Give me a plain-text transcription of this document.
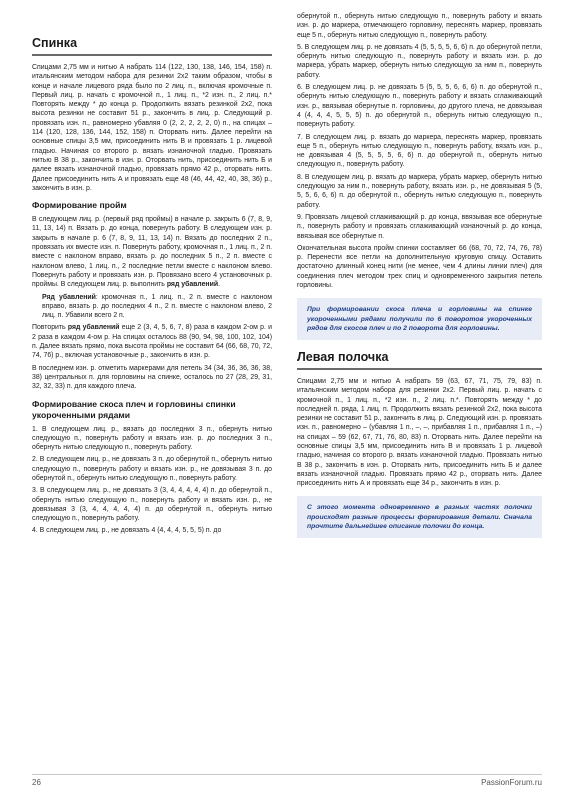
Спинка

Спицами 2,75 мм и нитью А набрать 114 (122, 130, 138, 146, 154, 158) п. итальянским методом набора для резинки 2х2 таким образом, чтобы в конце и начале лицевого ряда было по 2 лиц. п., включая кромочные п. Первый лиц. р. начать с кромочной п., 1 лиц. п., *2 изн. п., 2 лиц. п.* Повторять между * до конца р. Продолжить вязать резинкой 2х2, пока высота резинки не составит 51 р., закончить в лиц. р. Следующий р. провязать изн. п., равномерно убавляя 0 (2, 2, 2, 2, 2, 0) п., на спицах – 114 (120, 128, 136, 144, 152, 158) п. Оторвать нить. Далее перейти на основные спицы 3,5 мм, присоединить нить В и провязать 1 р. лицевой гладью. Начиная со второго р. вязать изнаночной гладью. Провязать нитью В 38 р., закончить в изн. р. Оторвать нить, присоединить нить Б и далее вязать изнаночной гладью, провязать прямо 42 р., оторвать нить. Далее присоединить нить А и провязать еще 48 (46, 44, 42, 40, 38, 36) р., закончить в изн. р.

Формирование пройм

В следующем лиц. р. (первый ряд проймы) в начале р. закрыть 6 (7, 8, 9, 11, 13, 14) п. Вязать р. до конца, повернуть работу. В следующем изн. р. закрыть в начале р. 6 (7, 8, 9, 11, 13, 14) п. Вязать до последних 2 п., провязать их вместе изн. п. Повернуть работу, кромочная п., 1 лиц. п., 2 п. вместе с наклоном вправо, вязать р. до последних 5 п., 2 п. вместе с наклоном влево, 1 лиц. п., 2 последние петли вместе с наклоном влево. Повернуть работу и провязать изн. р. Провязано всего 4 установочных р. проймы. В следующем лиц. р. выполнить ряд убавлений.

Ряд убавлений: кромочная п., 1 лиц. п., 2 п. вместе с наклоном вправо, вязать р. до последних 4 п., 2 п. вместе с наклоном влево, 2 лиц. п. Убавили всего 2 п.

Повторить ряд убавлений еще 2 (3, 4, 5, 6, 7, 8) раза в каждом 2-ом р. и 2 раза в каждом 4-ом р. На спицах осталось 88 (90, 94, 98, 100, 102, 104) п. Далее вязать прямо, пока высота проймы не составит 64 (66, 68, 70, 72, 74, 76) р., включая установочные р., закончить в изн. р.

В последнем изн. р. отметить маркерами для петель 34 (34, 36, 36, 36, 38, 38) центральных п. для горловины на спинке, осталось по 27 (28, 29, 31, 32, 32, 33) п. для каждого плеча.

Формирование скоса плеч и горловины спинки укороченными рядами

1. В следующем лиц. р., вязать до последних 3 п., обернуть нитью следующую п., повернуть работу и вязать изн. р. до последних 3 п., обернуть нитью следующую п., повернуть работу.

2. В следующем лиц. р., не довязать 3 п. до обернутой п., обернуть нитью следующую п., повернуть работу и вязать изн. р., не довязывая 3 п. до обернутой п., обернуть нитью следующую п., повернуть работу.

3. В следующем лиц. р., не довязать 3 (3, 4, 4, 4, 4, 4) п. до обернутой п., обернуть нитью следующую п., повернуть работу и вязать изн. р., не довязывая 3 (3, 4, 4, 4, 4, 4) п. до обернутой п., обернуть нитью следующую п., повернуть работу.

4. В следующем лиц. р., не довязать 4 (4, 4, 4, 5, 5, 5) п. до

обернутой п., обернуть нитью следующую п., повернуть работу и вязать изн. р. до маркера, отмечающего горловину, переснять маркер, провязать еще 5 п., обернуть нитью следующую п., повернуть работу.

5. В следующем лиц. р. не довязать 4 (5, 5, 5, 5, 6, 6) п. до обернутой петли, обернуть нитью следующую п., повернуть работу и вязать изн. р. до маркера, убрать маркер, обернуть нитью следующую за ним п., повернуть работу.

6. В следующем лиц. р. не довязать 5 (5, 5, 5, 6, 6, 6) п. до обернутой п., обернуть нитью следующую п., повернуть работу и вязать сглаживающий изн. р., ввязывая обернутые п. горловины, до другого плеча, не довязывая 4 (4, 4, 4, 5, 5, 5) п. до обернутой п., обернуть нитью следующую п., повернуть работу.

7. В следующем лиц. р. вязать до маркера, переснять маркер, провязать еще 5 п., обернуть нитью следующую п., повернуть работу, вязать изн. р., не довязывая 4 (5, 5, 5, 5, 6, 6) п. до обернутой п., обернуть нитью следующую п., повернуть работу.

8. В следующем лиц. р. вязать до маркера, убрать маркер, обернуть нитью следующую за ним п., повернуть работу, вязать изн. р., не довязывая 5 (5, 5, 5, 6, 6, 6) п. до обернутой п., обернуть нитью следующую п., повернуть работу.

9. Провязать лицевой сглаживающий р. до конца, ввязывая все обернутые п., повернуть работу и провязать сглаживающий изнаночный р. до конца, ввязывая все обернутые п.

Окончательная высота пройм спинки составляет 66 (68, 70, 72, 74, 76, 78) р. Перенести все петли на дополнительную круговую спицу. Оставить достаточно длинный конец нити (не менее, чем 4 длины линии плеч) для соединения плеч методом трех спиц и одновременного закрытия петель горловины.

При формировании скоса плеча и горловины на спинке укороченными рядами получили по 6 поворотов укороченных рядов для скосов плеч и по 2 поворота для горловины.

Левая полочка

Спицами 2,75 мм и нитью А набрать 59 (63, 67, 71, 75, 79, 83) п. итальянским методом набора для резинки 2х2. Первый лиц. р. начать с кромочной п., 1 лиц. п., *2 изн. п., 2 лиц. п.*. Повторять между * до последней п. ряда, 1 лиц. п. Продолжить вязать резинкой 2х2, пока высота резинки не составит 51 р., закончить в лиц. р. Следующий изн. р. провязать изн. п., равномерно – (убавляя 1 п., –, –, прибавляя 1 п., прибавляя 1 п., –) на спицах – 59 (62, 67, 71, 76, 80, 83) п. Оторвать нить. Далее перейти на основные спицы 3,5 мм, присоединить нить В и провязать 1 р. лицевой гладью, начиная со второго р. вязать изнаночной гладью. Провязать нитью В 38 р., закончить в изн. р. Оторвать нить, присоединить нить Б и далее вязать изнаночной гладью. Провязать прямо 42 р., оторвать нить. Далее присоединить нить А и провязать еще 34 р., закончить в изн. р.

С этого момента одновременно в разных частях полочки происходят разные процессы формирования детали. Сначала прочтите дальнейшее описание полочки до конца.

26	PassionForum.ru
